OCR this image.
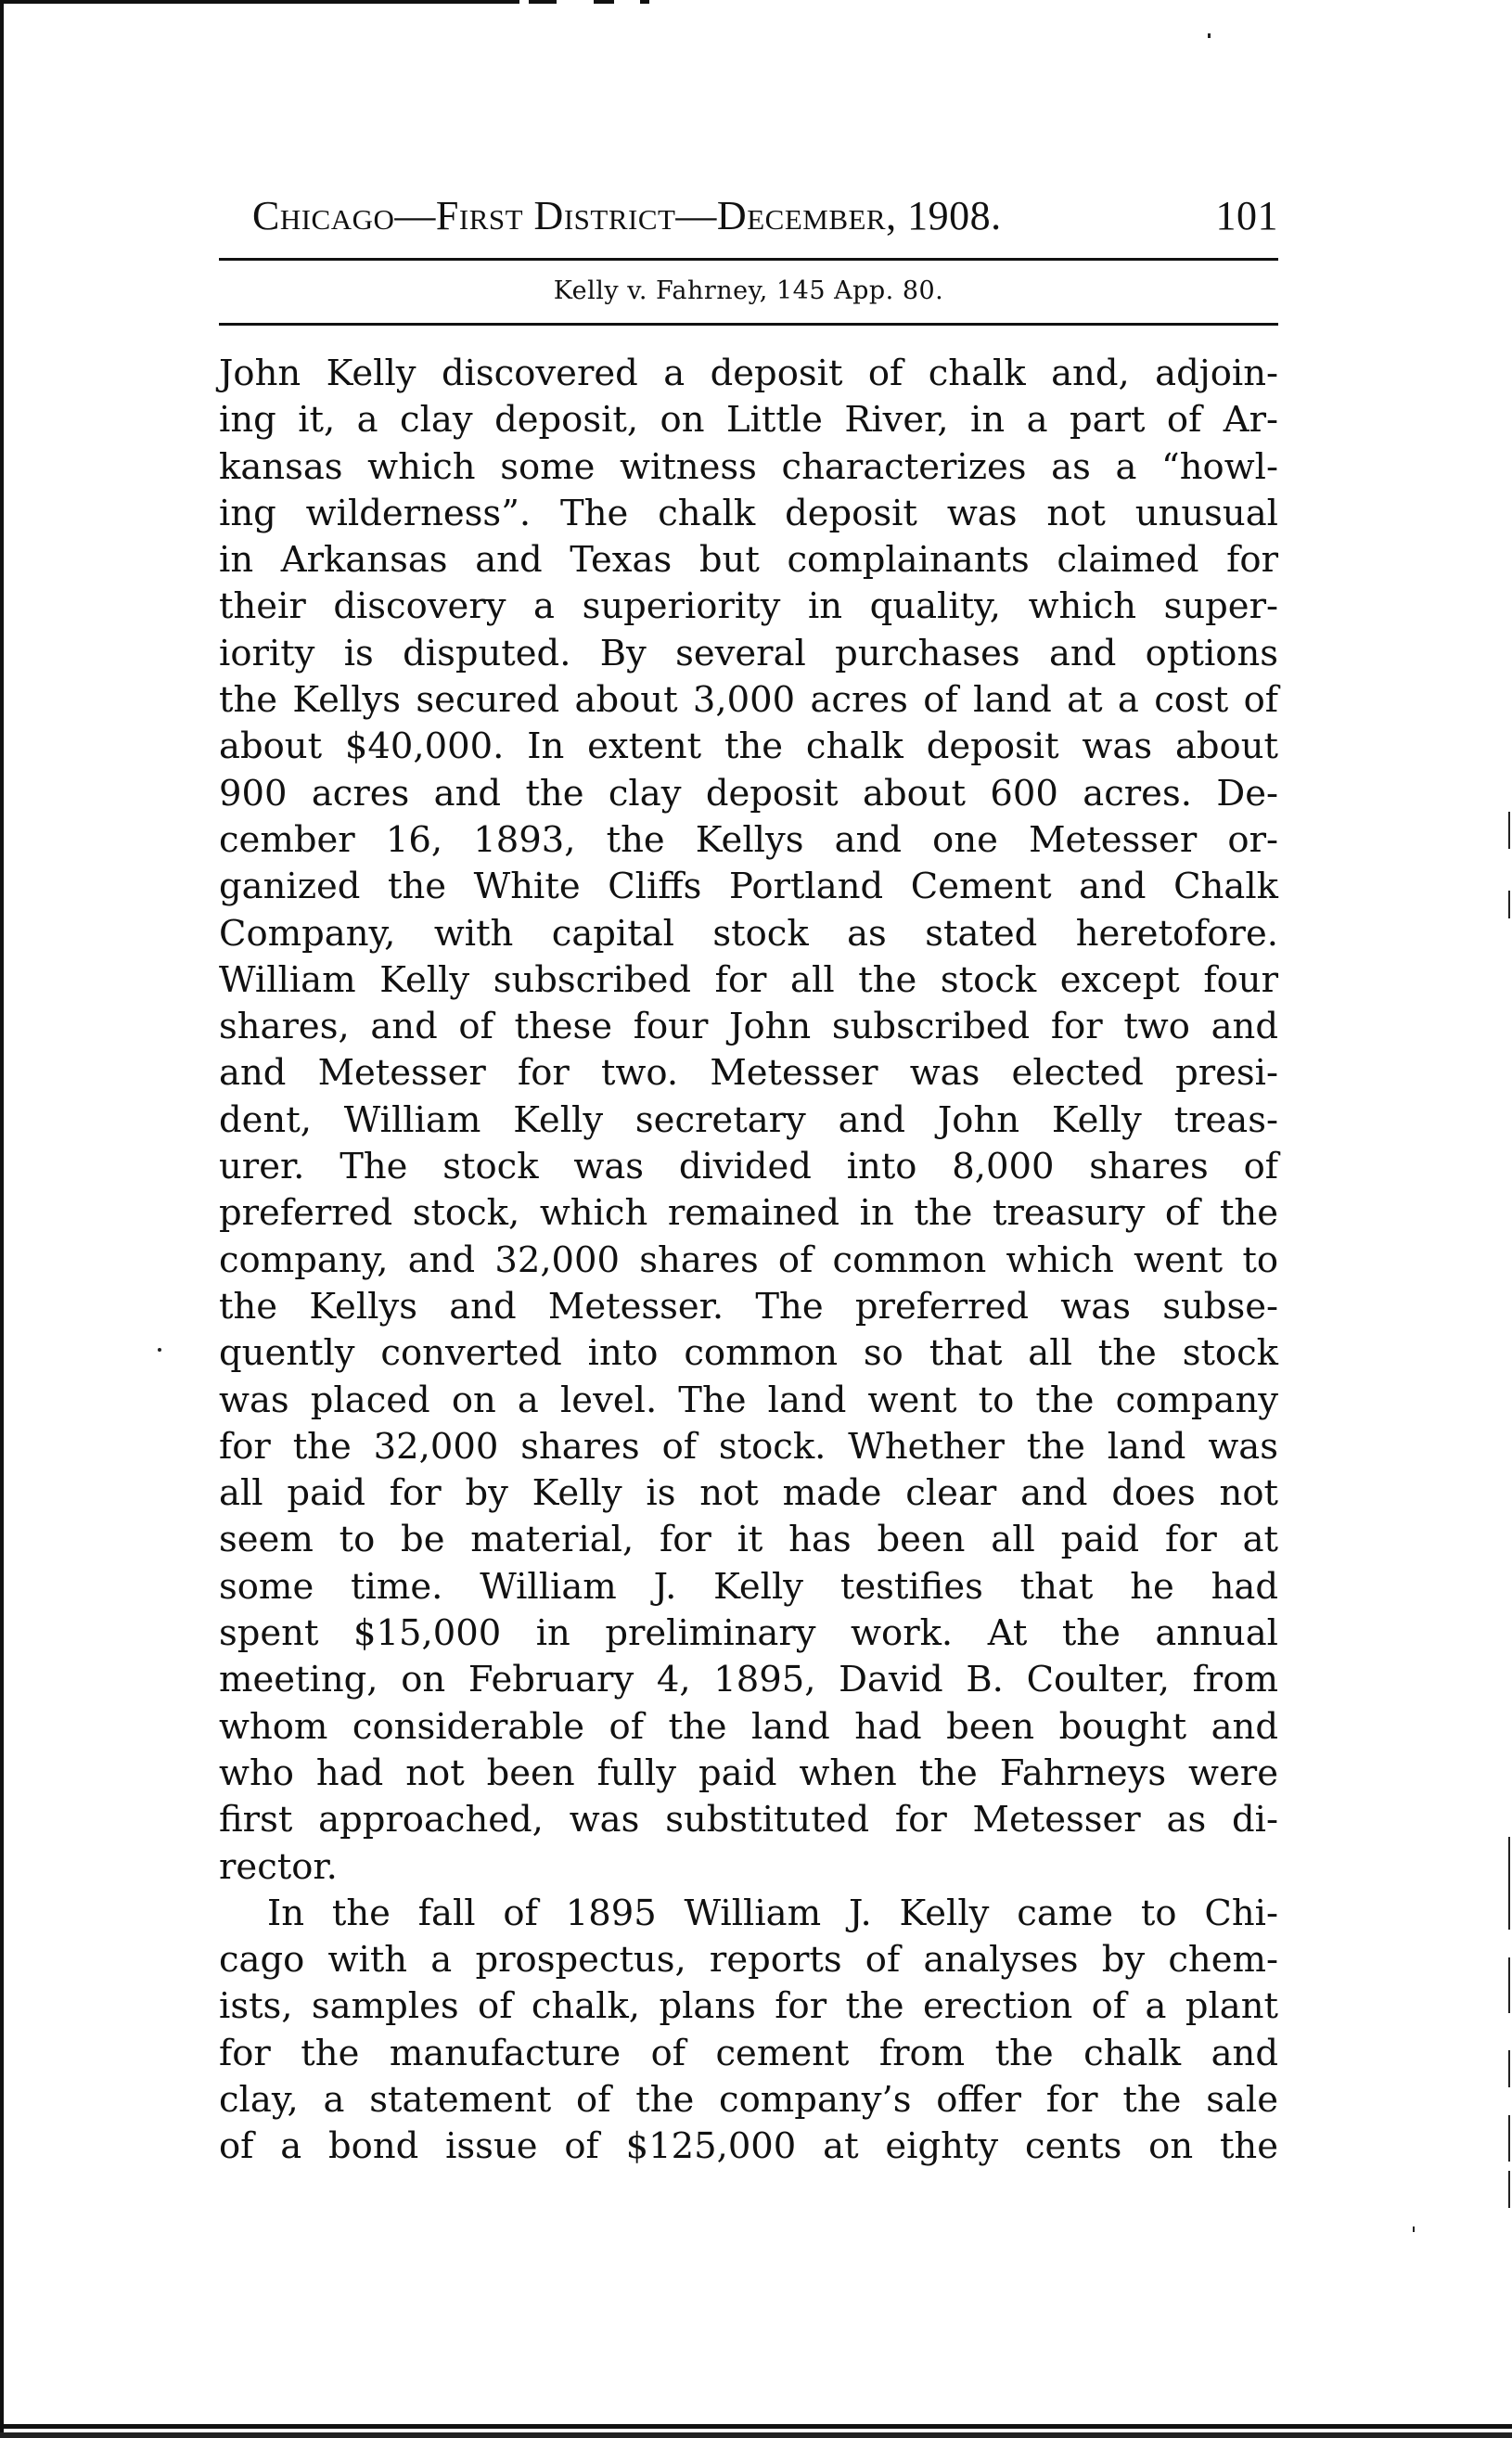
Chicago—First District—December, 1908.	101
Kelly v. Fahrney, 145 App. 80.
John Kelly discovered a deposit of chalk and, adjoin-
ing it, a clay deposit, on Little River, in a part of Ar-
kansas which some witness characterizes as a “howl-
ing wilderness”. The chalk deposit was not unusual
in Arkansas and Texas but complainants claimed for
their discovery a superiority in quality, which super-
iority is disputed. By several purchases and options
the Kellys secured about 3,000 acres of land at a cost of
about $40,000. In extent the chalk deposit was about
900 acres and the clay deposit about 600 acres. De-
cember 16, 1893, the Kellys and one Metesser or-
ganized the White Cliffs Portland Cement and Chalk
Company, with capital stock as stated heretofore.
William Kelly subscribed for all the stock except four
shares, and of these four John subscribed for two and
and Metesser for two. Metesser was elected presi-
dent, William Kelly secretary and John Kelly treas-
urer. The stock was divided into 8,000 shares of
preferred stock, which remained in the treasury of the
company, and 32,000 shares of common which went to
the Kellys and Metesser. The preferred was subse-
quently converted into common so that all the stock
was placed on a level. The land went to the company
for the 32,000 shares of stock. Whether the land was
all paid for by Kelly is not made clear and does not
seem to be material, for it has been all paid for at
some time. William J. Kelly testifies that he had
spent $15,000 in preliminary work. At the annual
meeting, on February 4, 1895, David B. Coulter, from
whom considerable of the land had been bought and
who had not been fully paid when the Fahrneys were
first approached, was substituted for Metesser as di-
rector.
In the fall of 1895 William J. Kelly came to Chi-
cago with a prospectus, reports of analyses by chem-
ists, samples of chalk, plans for the erection of a plant
for the manufacture of cement from the chalk and
clay, a statement of the company’s offer for the sale
of a bond issue of $125,000 at eighty cents on the
